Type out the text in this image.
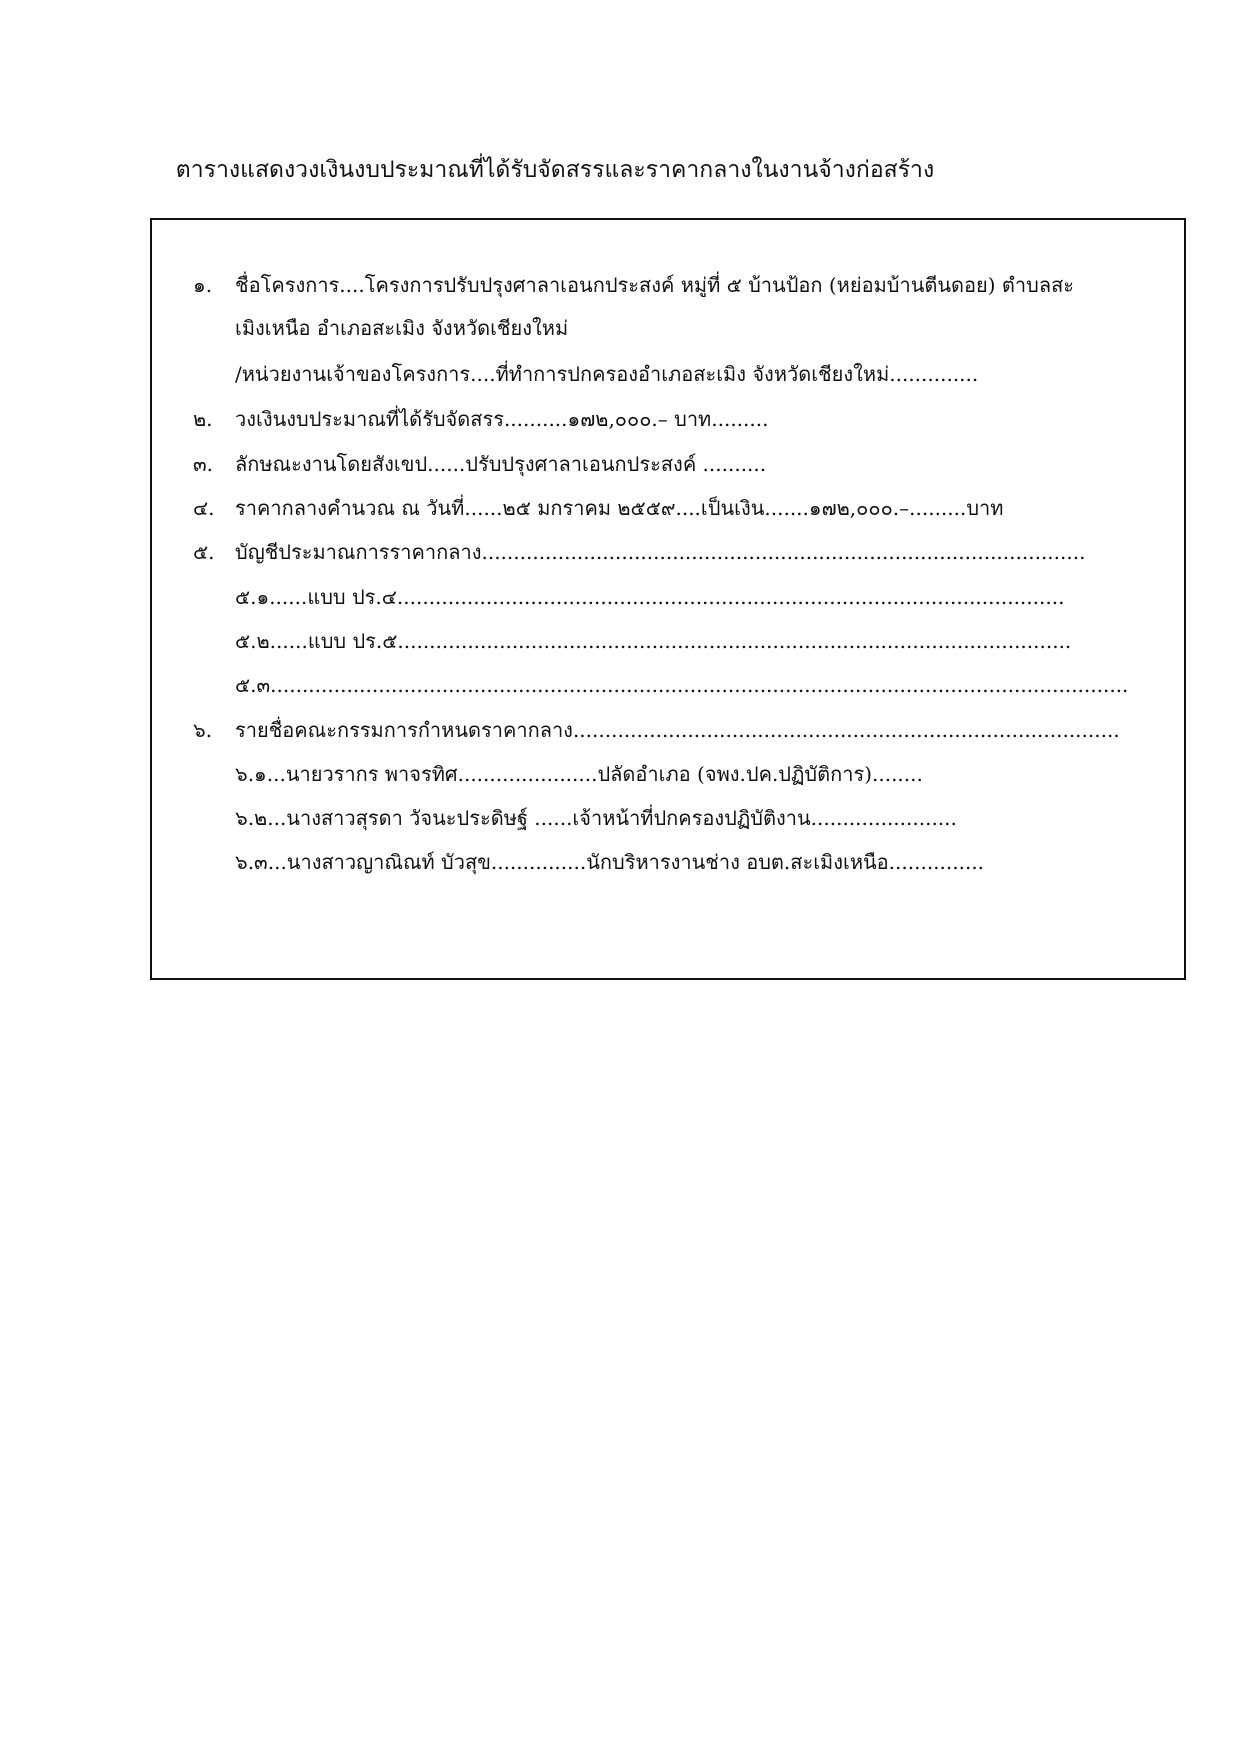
ตารางแสดงวงเงินงบประมาณที่ได้รับจัดสรรและราคากลางในงานจ้างก่อสร้าง
๑. ชื่อโครงการ....โครงการปรับปรุงศาลาเอนกประสงค์ หมู่ที่ ๕ บ้านป้อก (หย่อมบ้านตีนดอย) ตำบลสะ
เมิงเหนือ อำเภอสะเมิง จังหวัดเชียงใหม่
/หน่วยงานเจ้าของโครงการ....ที่ทำการปกครองอำเภอสะเมิง จังหวัดเชียงใหม่..............
๒. วงเงินงบประมาณที่ได้รับจัดสรร..........๑๗๒,๐๐๐.– บาท.........
๓. ลักษณะงานโดยสังเขป......ปรับปรุงศาลาเอนกประสงค์ ..........
๔. ราคากลางคำนวณ ณ วันที่......๒๕ มกราคม ๒๕๕๙....เป็นเงิน.......๑๗๒,๐๐๐.–.........บาท
๕. บัญชีประมาณการราคากลาง...............................................................................................
๕.๑......แบบ ปร.๔.........................................................................................................
๕.๒......แบบ ปร.๕..........................................................................................................
๕.๓.......................................................................................................................................
๖. รายชื่อคณะกรรมการกำหนดราคากลาง......................................................................................
๖.๑...นายวรากร พาจรทิศ......................ปลัดอำเภอ (จพง.ปค.ปฏิบัติการ)........
๖.๒...นางสาวสุรดา วัจนะประดิษฐ์ ......เจ้าหน้าที่ปกครองปฏิบัติงาน.......................
๖.๓...นางสาวญาณิณท์ บัวสุข...............นักบริหารงานช่าง อบต.สะเมิงเหนือ...............
